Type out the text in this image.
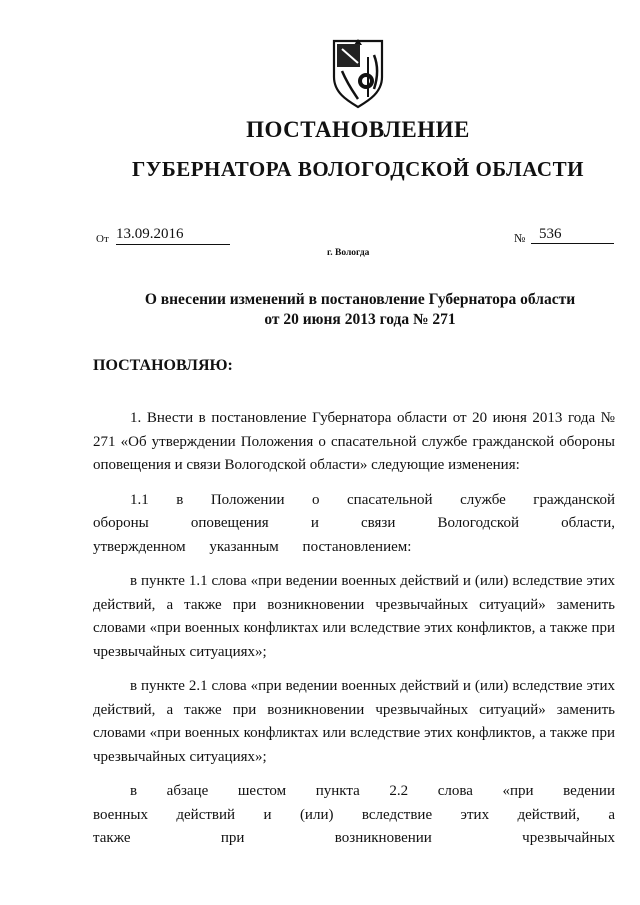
ПОСТАНОВЛЕНИЕ
ГУБЕРНАТОРА ВОЛОГОДСКОЙ ОБЛАСТИ
От 13.09.2016	№ 536
г. Вологда
О внесении изменений в постановление Губернатора области
от 20 июня 2013 года № 271
ПОСТАНОВЛЯЮ:

1. Внести в постановление Губернатора области от 20 июня 2013 года № 271 «Об утверждении Положения о спасательной службе гражданской обороны оповещения и связи Вологодской области» следующие изменения:

1.1 в Положении о спасательной службе гражданской обороны оповещения и связи Вологодской области, утвержденном указанным постановлением:

в пункте 1.1 слова «при ведении военных действий и (или) вследствие этих действий, а также при возникновении чрезвычайных ситуаций» заменить словами «при военных конфликтах или вследствие этих конфликтов, а также при чрезвычайных ситуациях»;

в пункте 2.1 слова «при ведении военных действий и (или) вследствие этих действий, а также при возникновении чрезвычайных ситуаций» заменить словами «при военных конфликтах или вследствие этих конфликтов, а также при чрезвычайных ситуациях»;

в абзаце шестом пункта 2.2 слова «при ведении военных действий и (или) вследствие этих действий, а также при возникновении чрезвычайных
